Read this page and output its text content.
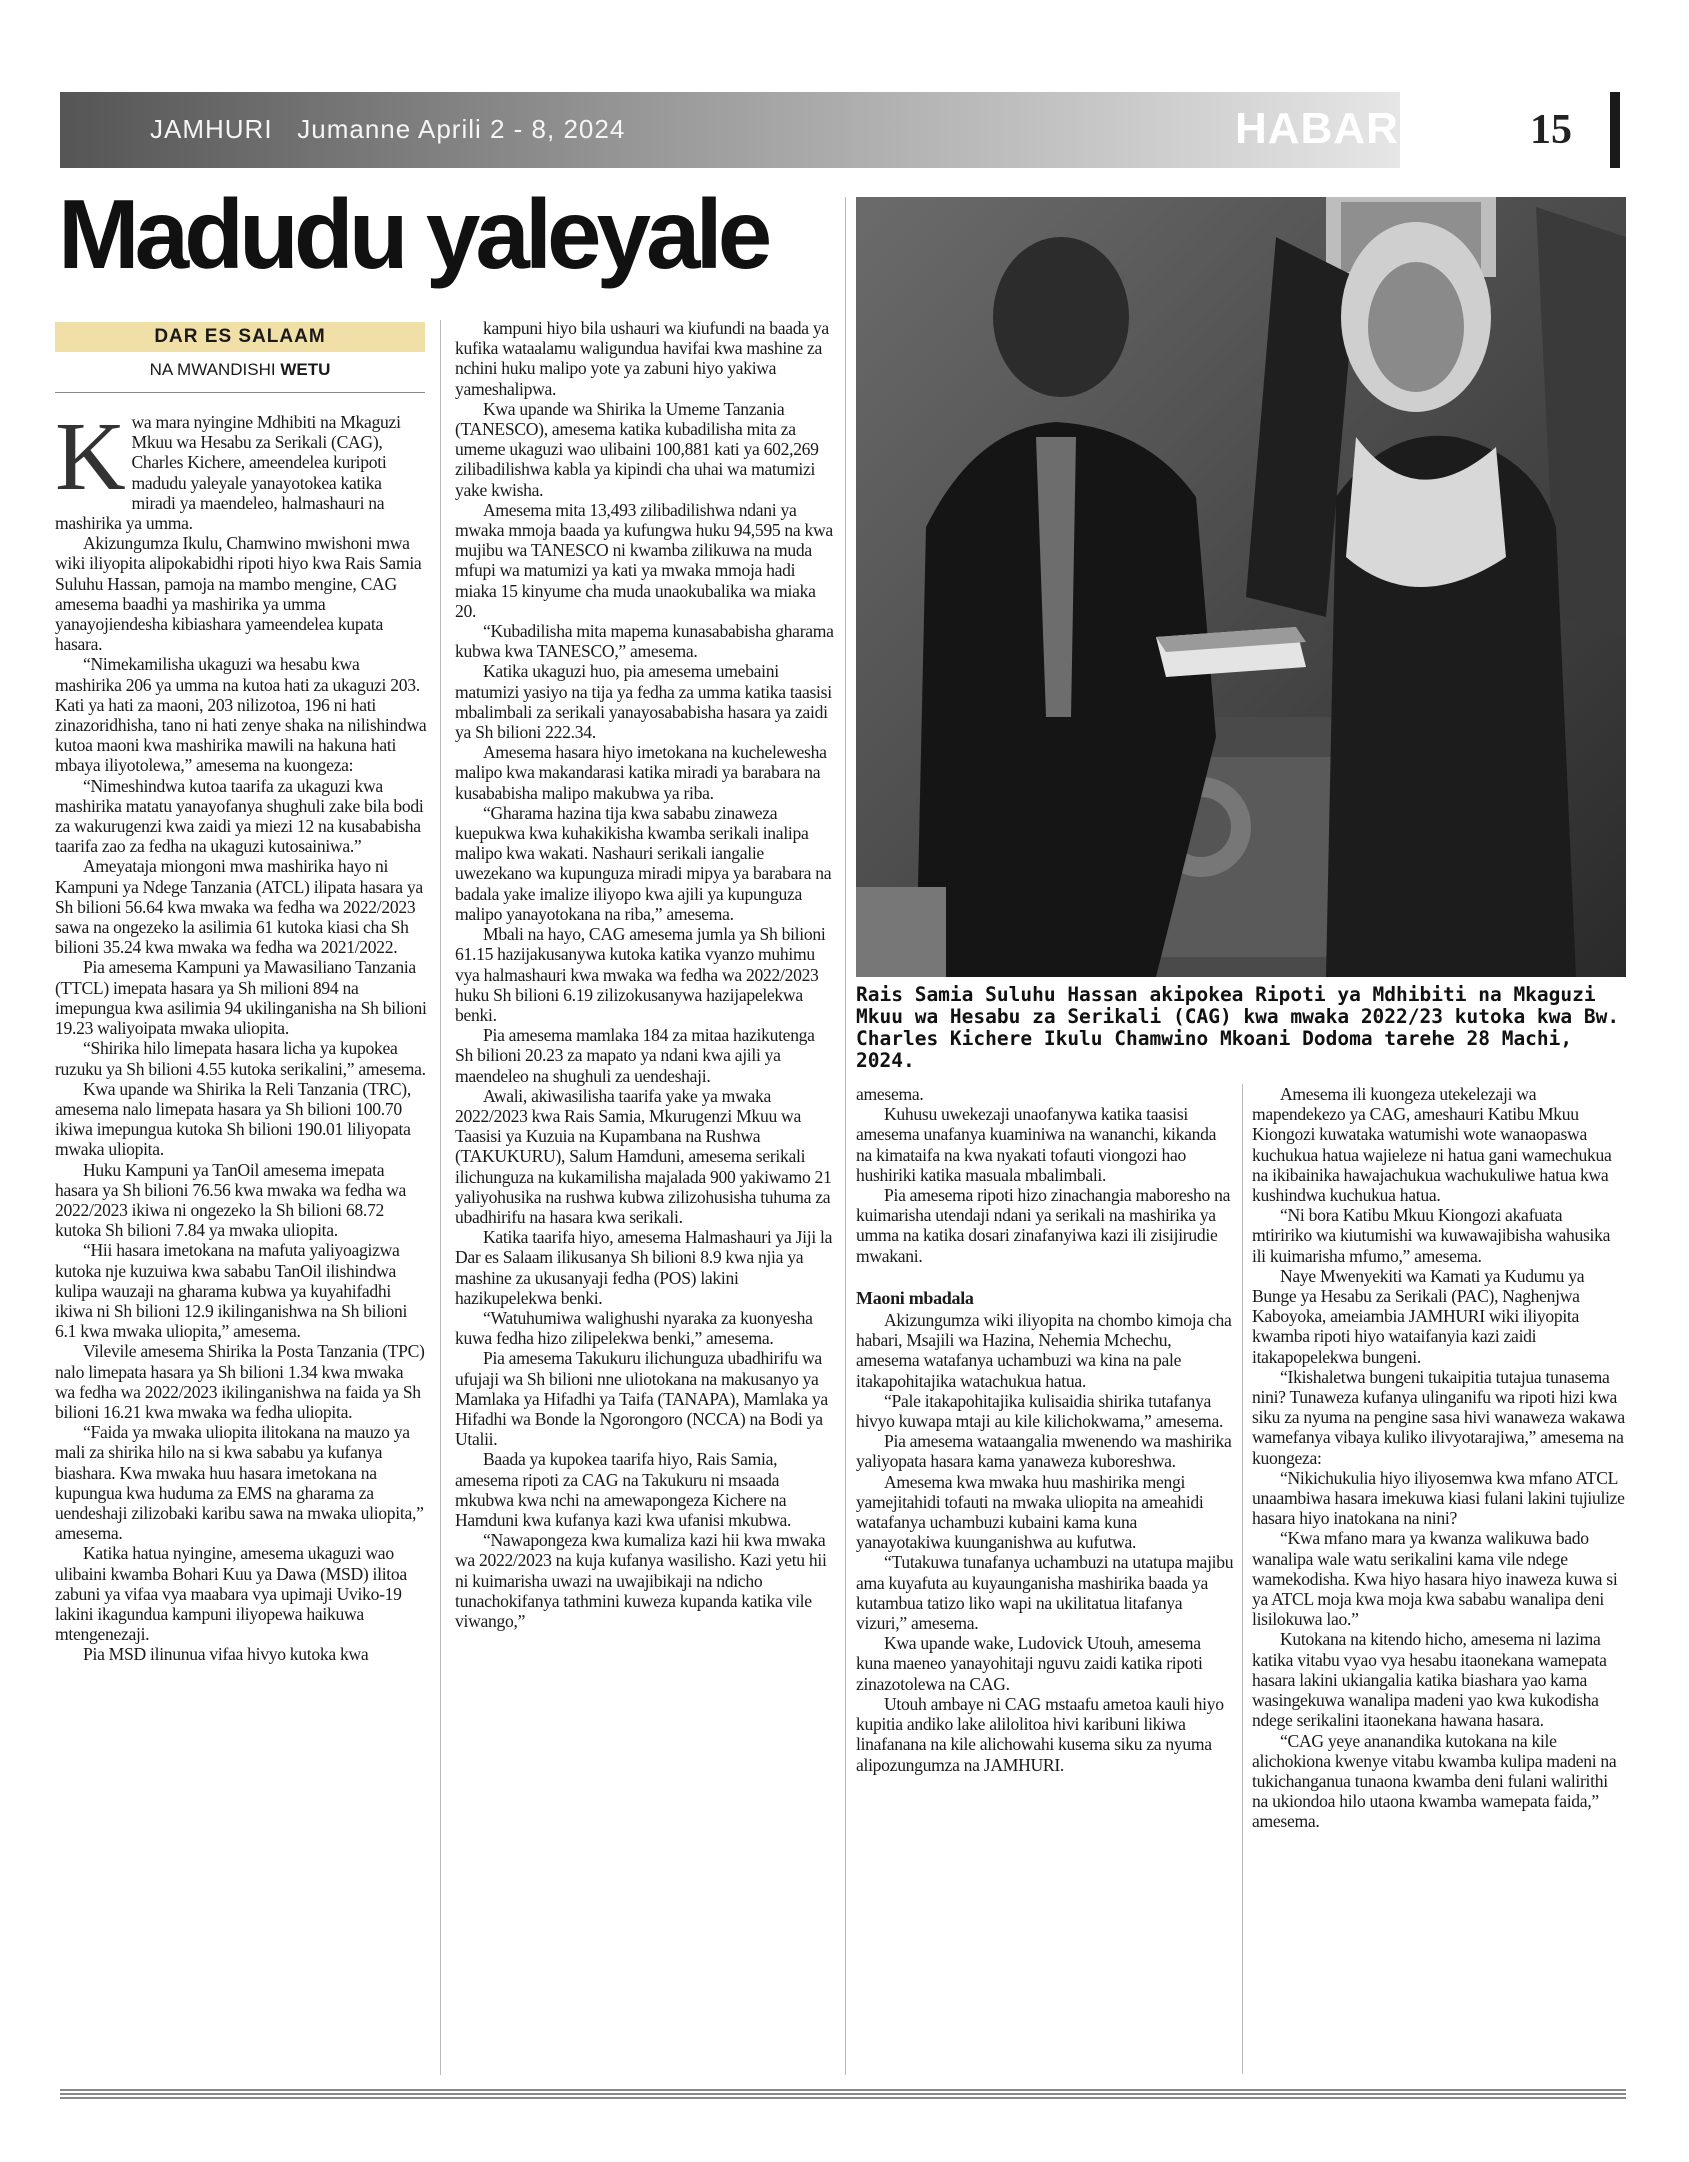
JAMHURI Jumanne Aprili 2 - 8, 2024	HABARI	15
Madudu yaleyale
DAR ES SALAAM
NA MWANDISHI WETU

Kwa mara nyingine Mdhibiti na Mkaguzi Mkuu wa Hesabu za Serikali (CAG), Charles Kichere, ameendelea kuripoti madudu yaleyale yanayotokea katika miradi ya maendeleo, halmashauri na mashirika ya umma.

Akizungumza Ikulu, Chamwino mwishoni mwa wiki iliyopita alipokabidhi ripoti hiyo kwa Rais Samia Suluhu Hassan, pamoja na mambo mengine, CAG amesema baadhi ya mashirika ya umma yanayojiendesha kibiashara yameendelea kupata hasara.

“Nimekamilisha ukaguzi wa hesabu kwa mashirika 206 ya umma na kutoa hati za ukaguzi 203. Kati ya hati za maoni, 203 nilizotoa, 196 ni hati zinazoridhisha, tano ni hati zenye shaka na nilishindwa kutoa maoni kwa mashirika mawili na hakuna hati mbaya iliyotolewa,” amesema na kuongeza:

“Nimeshindwa kutoa taarifa za ukaguzi kwa mashirika matatu yanayofanya shughuli zake bila bodi za wakurugenzi kwa zaidi ya miezi 12 na kusababisha taarifa zao za fedha na ukaguzi kutosainiwa.”

Ameyataja miongoni mwa mashirika hayo ni Kampuni ya Ndege Tanzania (ATCL) ilipata hasara ya Sh bilioni 56.64 kwa mwaka wa fedha wa 2022/2023 sawa na ongezeko la asilimia 61 kutoka kiasi cha Sh bilioni 35.24 kwa mwaka wa fedha wa 2021/2022.

Pia amesema Kampuni ya Mawasiliano Tanzania (TTCL) imepata hasara ya Sh milioni 894 na imepungua kwa asilimia 94 ukilinganisha na Sh bilioni 19.23 waliyoipata mwaka uliopita.

“Shirika hilo limepata hasara licha ya kupokea ruzuku ya Sh bilioni 4.55 kutoka serikalini,” amesema.

Kwa upande wa Shirika la Reli Tanzania (TRC), amesema nalo limepata hasara ya Sh bilioni 100.70 ikiwa imepungua kutoka Sh bilioni 190.01 liliyopata mwaka uliopita.

Huku Kampuni ya TanOil amesema imepata hasara ya Sh bilioni 76.56 kwa mwaka wa fedha wa 2022/2023 ikiwa ni ongezeko la Sh bilioni 68.72 kutoka Sh bilioni 7.84 ya mwaka uliopita.

“Hii hasara imetokana na mafuta yaliyoagizwa kutoka nje kuzuiwa kwa sababu TanOil ilishindwa kulipa wauzaji na gharama kubwa ya kuyahifadhi ikiwa ni Sh bilioni 12.9 ikilinganishwa na Sh bilioni 6.1 kwa mwaka uliopita,” amesema.

Vilevile amesema Shirika la Posta Tanzania (TPC) nalo limepata hasara ya Sh bilioni 1.34 kwa mwaka wa fedha wa 2022/2023 ikilinganishwa na faida ya Sh bilioni 16.21 kwa mwaka wa fedha uliopita.

“Faida ya mwaka uliopita ilitokana na mauzo ya mali za shirika hilo na si kwa sababu ya kufanya biashara. Kwa mwaka huu hasara imetokana na kupungua kwa huduma za EMS na gharama za uendeshaji zilizobaki karibu sawa na mwaka uliopita,” amesema.

Katika hatua nyingine, amesema ukaguzi wao ulibaini kwamba Bohari Kuu ya Dawa (MSD) ilitoa zabuni ya vifaa vya maabara vya upimaji Uviko-19 lakini ikagundua kampuni iliyopewa haikuwa mtengenezaji.

Pia MSD ilinunua vifaa hivyo kutoka kwa

kampuni hiyo bila ushauri wa kiufundi na baada ya kufika wataalamu waligundua havifai kwa mashine za nchini huku malipo yote ya zabuni hiyo yakiwa yameshalipwa.

Kwa upande wa Shirika la Umeme Tanzania (TANESCO), amesema katika kubadilisha mita za umeme ukaguzi wao ulibaini 100,881 kati ya 602,269 zilibadilishwa kabla ya kipindi cha uhai wa matumizi yake kwisha.

Amesema mita 13,493 zilibadilishwa ndani ya mwaka mmoja baada ya kufungwa huku 94,595 na kwa mujibu wa TANESCO ni kwamba zilikuwa na muda mfupi wa matumizi ya kati ya mwaka mmoja hadi miaka 15 kinyume cha muda unaokubalika wa miaka 20.

“Kubadilisha mita mapema kunasababisha gharama kubwa kwa TANESCO,” amesema.

Katika ukaguzi huo, pia amesema umebaini matumizi yasiyo na tija ya fedha za umma katika taasisi mbalimbali za serikali yanayosababisha hasara ya zaidi ya Sh bilioni 222.34.

Amesema hasara hiyo imetokana na kuchelewesha malipo kwa makandarasi katika miradi ya barabara na kusababisha malipo makubwa ya riba.

“Gharama hazina tija kwa sababu zinaweza kuepukwa kwa kuhakikisha kwamba serikali inalipa malipo kwa wakati. Nashauri serikali iangalie uwezekano wa kupunguza miradi mipya ya barabara na badala yake imalize iliyopo kwa ajili ya kupunguza malipo yanayotokana na riba,” amesema.

Mbali na hayo, CAG amesema jumla ya Sh bilioni 61.15 hazijakusanywa kutoka katika vyanzo muhimu vya halmashauri kwa mwaka wa fedha wa 2022/2023 huku Sh bilioni 6.19 zilizokusanywa hazijapelekwa benki.

Pia amesema mamlaka 184 za mitaa hazikutenga Sh bilioni 20.23 za mapato ya ndani kwa ajili ya maendeleo na shughuli za uendeshaji.

Awali, akiwasilisha taarifa yake ya mwaka 2022/2023 kwa Rais Samia, Mkurugenzi Mkuu wa Taasisi ya Kuzuia na Kupambana na Rushwa (TAKUKURU), Salum Hamduni, amesema serikali ilichunguza na kukamilisha majalada 900 yakiwamo 21 yaliyohusika na rushwa kubwa zilizohusisha tuhuma za ubadhirifu na hasara kwa serikali.

Katika taarifa hiyo, amesema Halmashauri ya Jiji la Dar es Salaam ilikusanya Sh bilioni 8.9 kwa njia ya mashine za ukusanyaji fedha (POS) lakini hazikupelekwa benki.

“Watuhumiwa walighushi nyaraka za kuonyesha kuwa fedha hizo zilipelekwa benki,” amesema.

Pia amesema Takukuru ilichunguza ubadhirifu wa ufujaji wa Sh bilioni nne uliotokana na makusanyo ya Mamlaka ya Hifadhi ya Taifa (TANAPA), Mamlaka ya Hifadhi wa Bonde la Ngorongoro (NCCA) na Bodi ya Utalii.

Baada ya kupokea taarifa hiyo, Rais Samia, amesema ripoti za CAG na Takukuru ni msaada mkubwa kwa nchi na amewapongeza Kichere na Hamduni kwa kufanya kazi kwa ufanisi mkubwa.

“Nawapongeza kwa kumaliza kazi hii kwa mwaka wa 2022/2023 na kuja kufanya wasilisho. Kazi yetu hii ni kuimarisha uwazi na uwajibikaji na ndicho tunachokifanya tathmini kuweza kupanda katika vile viwango,”

Rais Samia Suluhu Hassan akipokea Ripoti ya Mdhibiti na Mkaguzi Mkuu wa Hesabu za Serikali (CAG) kwa mwaka 2022/23 kutoka kwa Bw. Charles Kichere Ikulu Chamwino Mkoani Dodoma tarehe 28 Machi, 2024.

amesema.

Kuhusu uwekezaji unaofanywa katika taasisi amesema unafanya kuaminiwa na wananchi, kikanda na kimataifa na kwa nyakati tofauti viongozi hao hushiriki katika masuala mbalimbali.

Pia amesema ripoti hizo zinachangia maboresho na kuimarisha utendaji ndani ya serikali na mashirika ya umma na katika dosari zinafanyiwa kazi ili zisijirudie mwakani.

Maoni mbadala

Akizungumza wiki iliyopita na chombo kimoja cha habari, Msajili wa Hazina, Nehemia Mchechu, amesema watafanya uchambuzi wa kina na pale itakapohitajika watachukua hatua.

“Pale itakapohitajika kulisaidia shirika tutafanya hivyo kuwapa mtaji au kile kilichokwama,” amesema.

Pia amesema wataangalia mwenendo wa mashirika yaliyopata hasara kama yanaweza kuboreshwa.

Amesema kwa mwaka huu mashirika mengi yamejitahidi tofauti na mwaka uliopita na ameahidi watafanya uchambuzi kubaini kama kuna yanayotakiwa kuunganishwa au kufutwa.

“Tutakuwa tunafanya uchambuzi na utatupa majibu ama kuyafuta au kuyaunganisha mashirika baada ya kutambua tatizo liko wapi na ukilitatua litafanya vizuri,” amesema.

Kwa upande wake, Ludovick Utouh, amesema kuna maeneo yanayohitaji nguvu zaidi katika ripoti zinazotolewa na CAG.

Utouh ambaye ni CAG mstaafu ametoa kauli hiyo kupitia andiko lake alilolitoa hivi karibuni likiwa linafanana na kile alichowahi kusema siku za nyuma alipozungumza na JAMHURI.

Amesema ili kuongeza utekelezaji wa mapendekezo ya CAG, ameshauri Katibu Mkuu Kiongozi kuwataka watumishi wote wanaopaswa kuchukua hatua wajieleze ni hatua gani wamechukua na ikibainika hawajachukua wachukuliwe hatua kwa kushindwa kuchukua hatua.

“Ni bora Katibu Mkuu Kiongozi akafuata mtiririko wa kiutumishi wa kuwawajibisha wahusika ili kuimarisha mfumo,” amesema.

Naye Mwenyekiti wa Kamati ya Kudumu ya Bunge ya Hesabu za Serikali (PAC), Naghenjwa Kaboyoka, ameiambia JAMHURI wiki iliyopita kwamba ripoti hiyo wataifanyia kazi zaidi itakapopelekwa bungeni.

“Ikishaletwa bungeni tukaipitia tutajua tunasema nini? Tunaweza kufanya ulinganifu wa ripoti hizi kwa siku za nyuma na pengine sasa hivi wanaweza wakawa wamefanya vibaya kuliko ilivyotarajiwa,” amesema na kuongeza:

“Nikichukulia hiyo iliyosemwa kwa mfano ATCL unaambiwa hasara imekuwa kiasi fulani lakini tujiulize hasara hiyo inatokana na nini?

“Kwa mfano mara ya kwanza walikuwa bado wanalipa wale watu serikalini kama vile ndege wamekodisha. Kwa hiyo hasara hiyo inaweza kuwa si ya ATCL moja kwa moja kwa sababu wanalipa deni lisilokuwa lao.”

Kutokana na kitendo hicho, amesema ni lazima katika vitabu vyao vya hesabu itaonekana wamepata hasara lakini ukiangalia katika biashara yao kama wasingekuwa wanalipa madeni yao kwa kukodisha ndege serikalini itaonekana hawana hasara.

“CAG yeye ananandika kutokana na kile alichokiona kwenye vitabu kwamba kulipa madeni na tukichanganua tunaona kwamba deni fulani walirithi na ukiondoa hilo utaona kwamba wamepata faida,” amesema.
